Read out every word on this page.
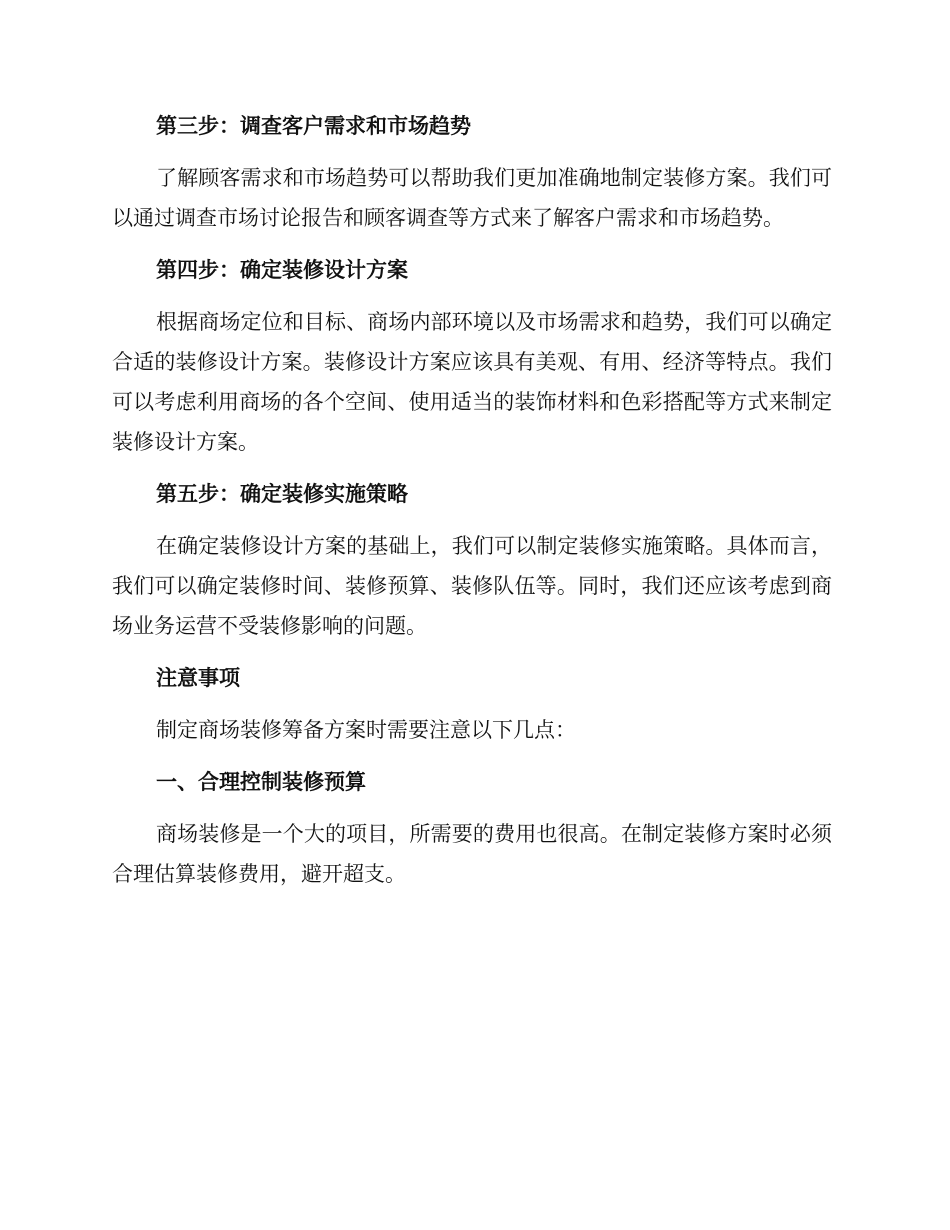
第三步：调查客户需求和市场趋势
了解顾客需求和市场趋势可以帮助我们更加准确地制定装修方案。我们可以通过调查市场讨论报告和顾客调查等方式来了解客户需求和市场趋势。
第四步：确定装修设计方案
根据商场定位和目标、商场内部环境以及市场需求和趋势，我们可以确定合适的装修设计方案。装修设计方案应该具有美观、有用、经济等特点。我们可以考虑利用商场的各个空间、使用适当的装饰材料和色彩搭配等方式来制定装修设计方案。
第五步：确定装修实施策略
在确定装修设计方案的基础上，我们可以制定装修实施策略。具体而言，我们可以确定装修时间、装修预算、装修队伍等。同时，我们还应该考虑到商场业务运营不受装修影响的问题。
注意事项
制定商场装修筹备方案时需要注意以下几点：
一、合理控制装修预算
商场装修是一个大的项目，所需要的费用也很高。在制定装修方案时必须合理估算装修费用，避开超支。
